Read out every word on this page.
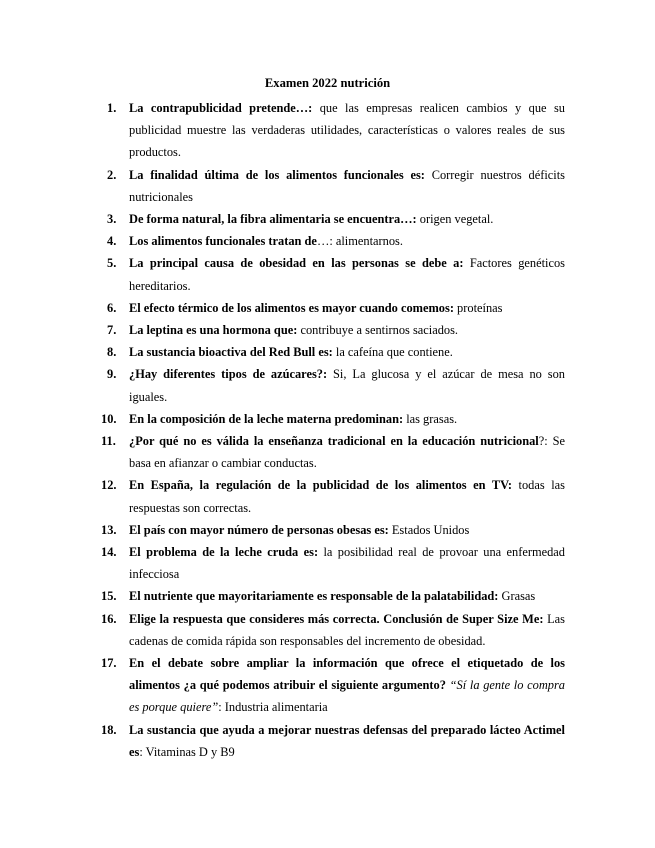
Examen 2022 nutrición
1. La contrapublicidad pretende…: que las empresas realicen cambios y que su publicidad muestre las verdaderas utilidades, características o valores reales de sus productos.
2. La finalidad última de los alimentos funcionales es: Corregir nuestros déficits nutricionales
3. De forma natural, la fibra alimentaria se encuentra…: origen vegetal.
4. Los alimentos funcionales tratan de…: alimentarnos.
5. La principal causa de obesidad en las personas se debe a: Factores genéticos hereditarios.
6. El efecto térmico de los alimentos es mayor cuando comemos: proteínas
7. La leptina es una hormona que: contribuye a sentirnos saciados.
8. La sustancia bioactiva del Red Bull es: la cafeína que contiene.
9. ¿Hay diferentes tipos de azúcares?: Si, La glucosa y el azúcar de mesa no son iguales.
10. En la composición de la leche materna predominan: las grasas.
11. ¿Por qué no es válida la enseñanza tradicional en la educación nutricional?: Se basa en afianzar o cambiar conductas.
12. En España, la regulación de la publicidad de los alimentos en TV: todas las respuestas son correctas.
13. El país con mayor número de personas obesas es: Estados Unidos
14. El problema de la leche cruda es: la posibilidad real de provoar una enfermedad infecciosa
15. El nutriente que mayoritariamente es responsable de la palatabilidad: Grasas
16. Elige la respuesta que consideres más correcta. Conclusión de Super Size Me: Las cadenas de comida rápida son responsables del incremento de obesidad.
17. En el debate sobre ampliar la información que ofrece el etiquetado de los alimentos ¿a qué podemos atribuir el siguiente argumento? “Sí la gente lo compra es porque quiere”: Industria alimentaria
18. La sustancia que ayuda a mejorar nuestras defensas del preparado lácteo Actimel es: Vitaminas D y B9
